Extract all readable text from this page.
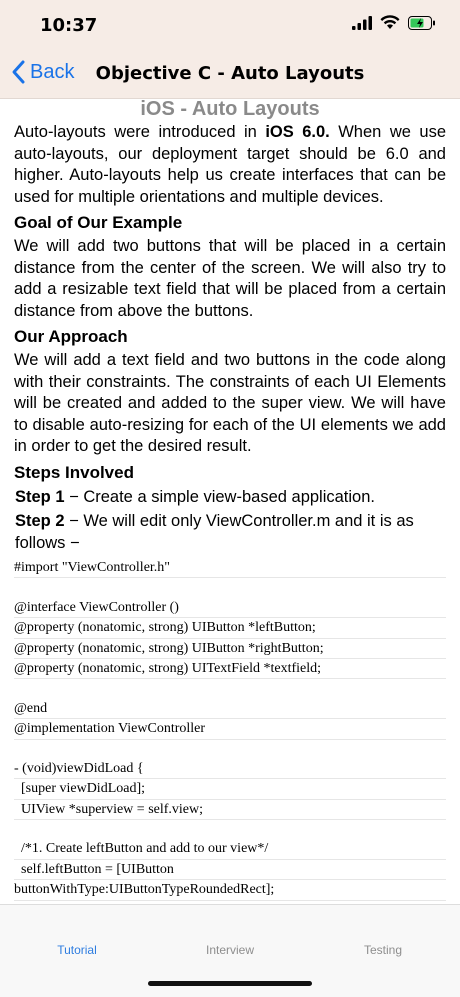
10:37
Back	Objective C - Auto Layouts
iOS - Auto Layouts

Auto-layouts were introduced in iOS 6.0. When we use auto-layouts, our deployment target should be 6.0 and higher. Auto-layouts help us create interfaces that can be used for multiple orientations and multiple devices.

Goal of Our Example

We will add two buttons that will be placed in a certain distance from the center of the screen. We will also try to add a resizable text field that will be placed from a certain distance from above the buttons.

Our Approach

We will add a text field and two buttons in the code along with their constraints. The constraints of each UI Elements will be created and added to the super view. We will have to disable auto-resizing for each of the UI elements we add in order to get the desired result.

Steps Involved

Step 1 − Create a simple view-based application.

Step 2 − We will edit only ViewController.m and it is as follows −

#import "ViewController.h"
@interface ViewController ()
@property (nonatomic, strong) UIButton *leftButton;
@property (nonatomic, strong) UIButton *rightButton;
@property (nonatomic, strong) UITextField *textfield;
@end
@implementation ViewController
- (void)viewDidLoad {
[super viewDidLoad];
UIView *superview = self.view;
/*1. Create leftButton and add to our view*/
self.leftButton = [UIButton
buttonWithType:UIButtonTypeRoundedRect];
Tutorial	Interview	Testing
